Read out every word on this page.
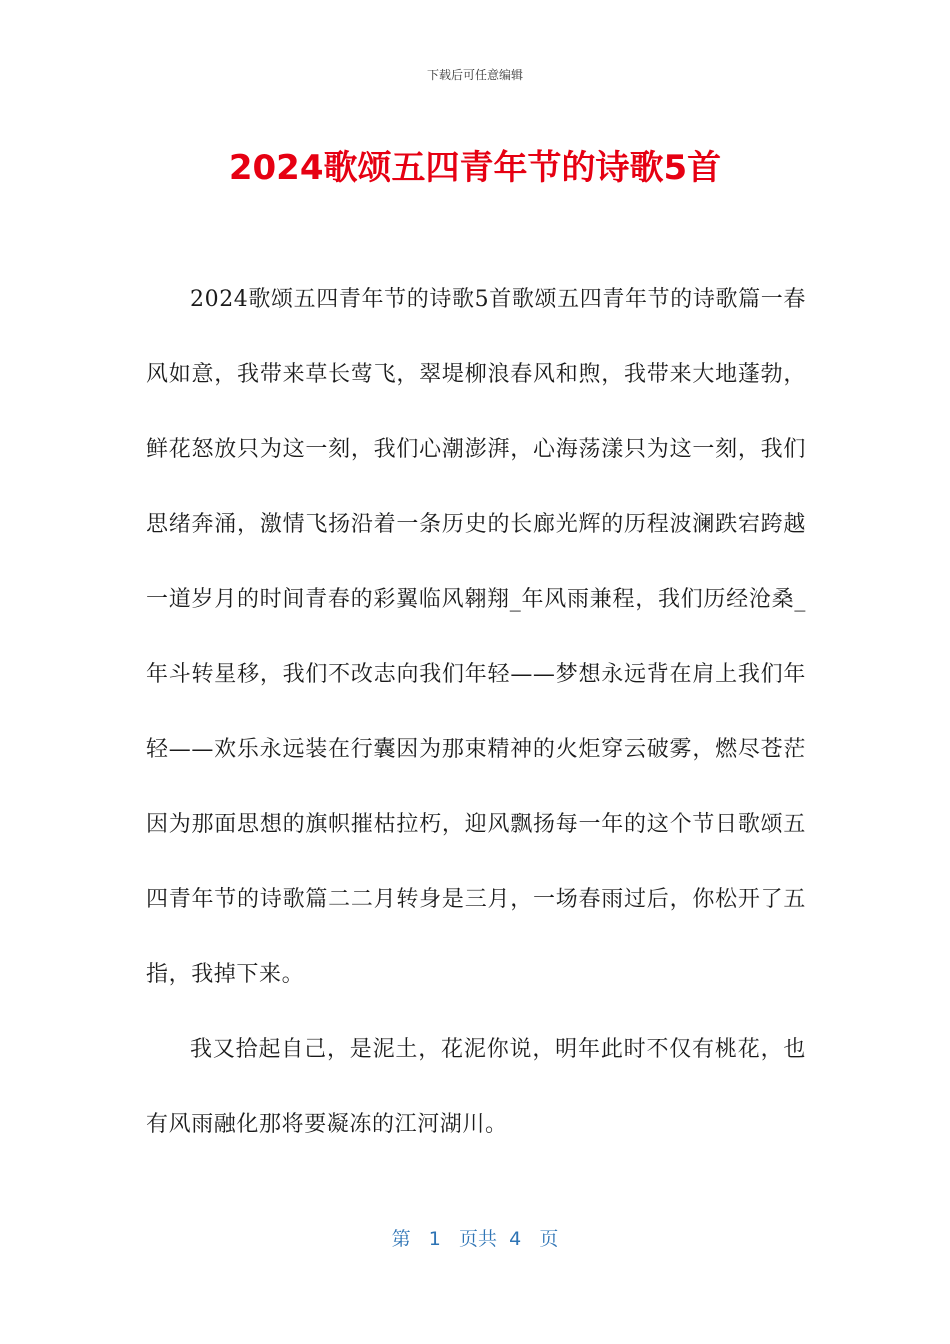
下载后可任意编辑
2024歌颂五四青年节的诗歌5首

2024歌颂五四青年节的诗歌5首歌颂五四青年节的诗歌篇一春风如意，我带来草长莺飞，翠堤柳浪春风和煦，我带来大地蓬勃，鲜花怒放只为这一刻，我们心潮澎湃，心海荡漾只为这一刻，我们思绪奔涌，激情飞扬沿着一条历史的长廊光辉的历程波澜跌宕跨越一道岁月的时间青春的彩翼临风翱翔_年风雨兼程，我们历经沧桑_年斗转星移，我们不改志向我们年轻——梦想永远背在肩上我们年轻——欢乐永远装在行囊因为那束精神的火炬穿云破雾，燃尽苍茫因为那面思想的旗帜摧枯拉朽，迎风飘扬每一年的这个节日歌颂五四青年节的诗歌篇二二月转身是三月，一场春雨过后，你松开了五指，我掉下来。

我又拾起自己，是泥土，花泥你说，明年此时不仅有桃花，也有风雨融化那将要凝冻的江河湖川。

第 1 页共 4 页
